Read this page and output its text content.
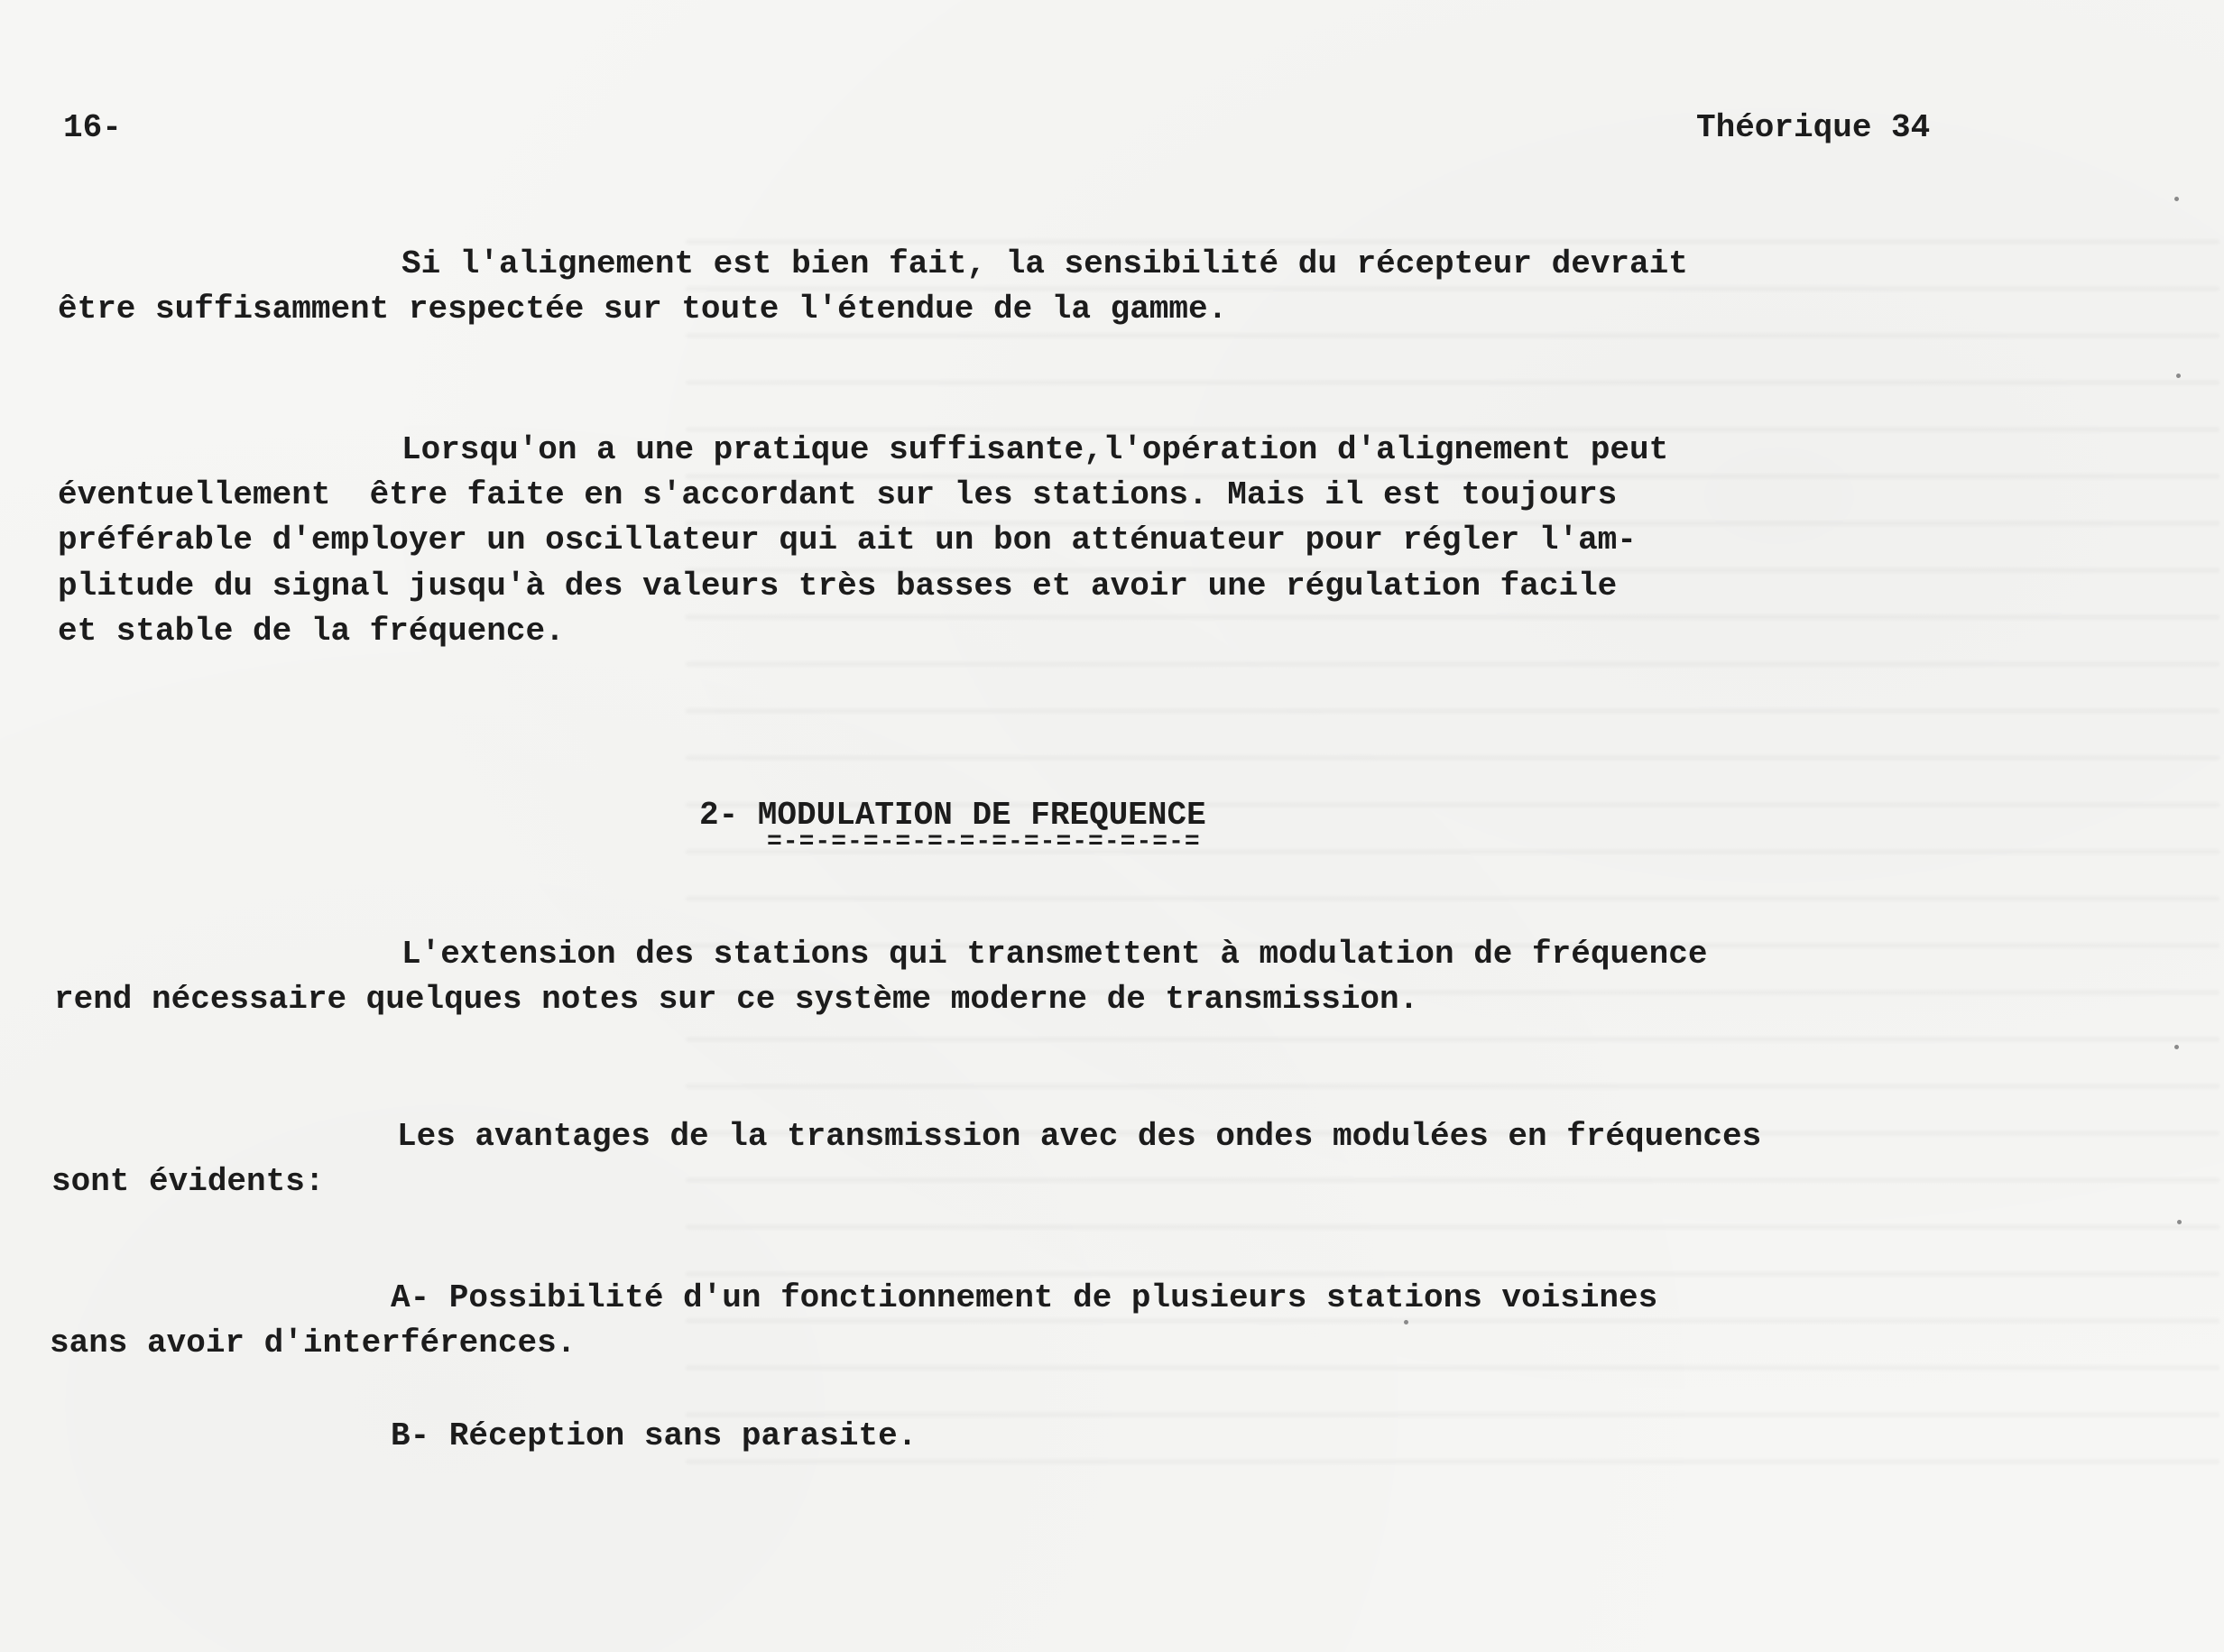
16-	Théorique 34
Si l'alignement est bien fait, la sensibilité du récepteur devrait
être suffisamment respectée sur toute l'étendue de la gamme.
Lorsqu'on a une pratique suffisante,l'opération d'alignement peut
éventuellement  être faite en s'accordant sur les stations. Mais il est toujours
préférable d'employer un oscillateur qui ait un bon atténuateur pour régler l'am-
plitude du signal jusqu'à des valeurs très basses et avoir une régulation facile
et stable de la fréquence.
2- MODULATION DE FREQUENCE
=-=-=-=-=-=-=-=-=-=-=-=-=-=
L'extension des stations qui transmettent à modulation de fréquence
rend nécessaire quelques notes sur ce système moderne de transmission.
Les avantages de la transmission avec des ondes modulées en fréquences
sont évidents:
A- Possibilité d'un fonctionnement de plusieurs stations voisines
sans avoir d'interférences.
B- Réception sans parasite.
